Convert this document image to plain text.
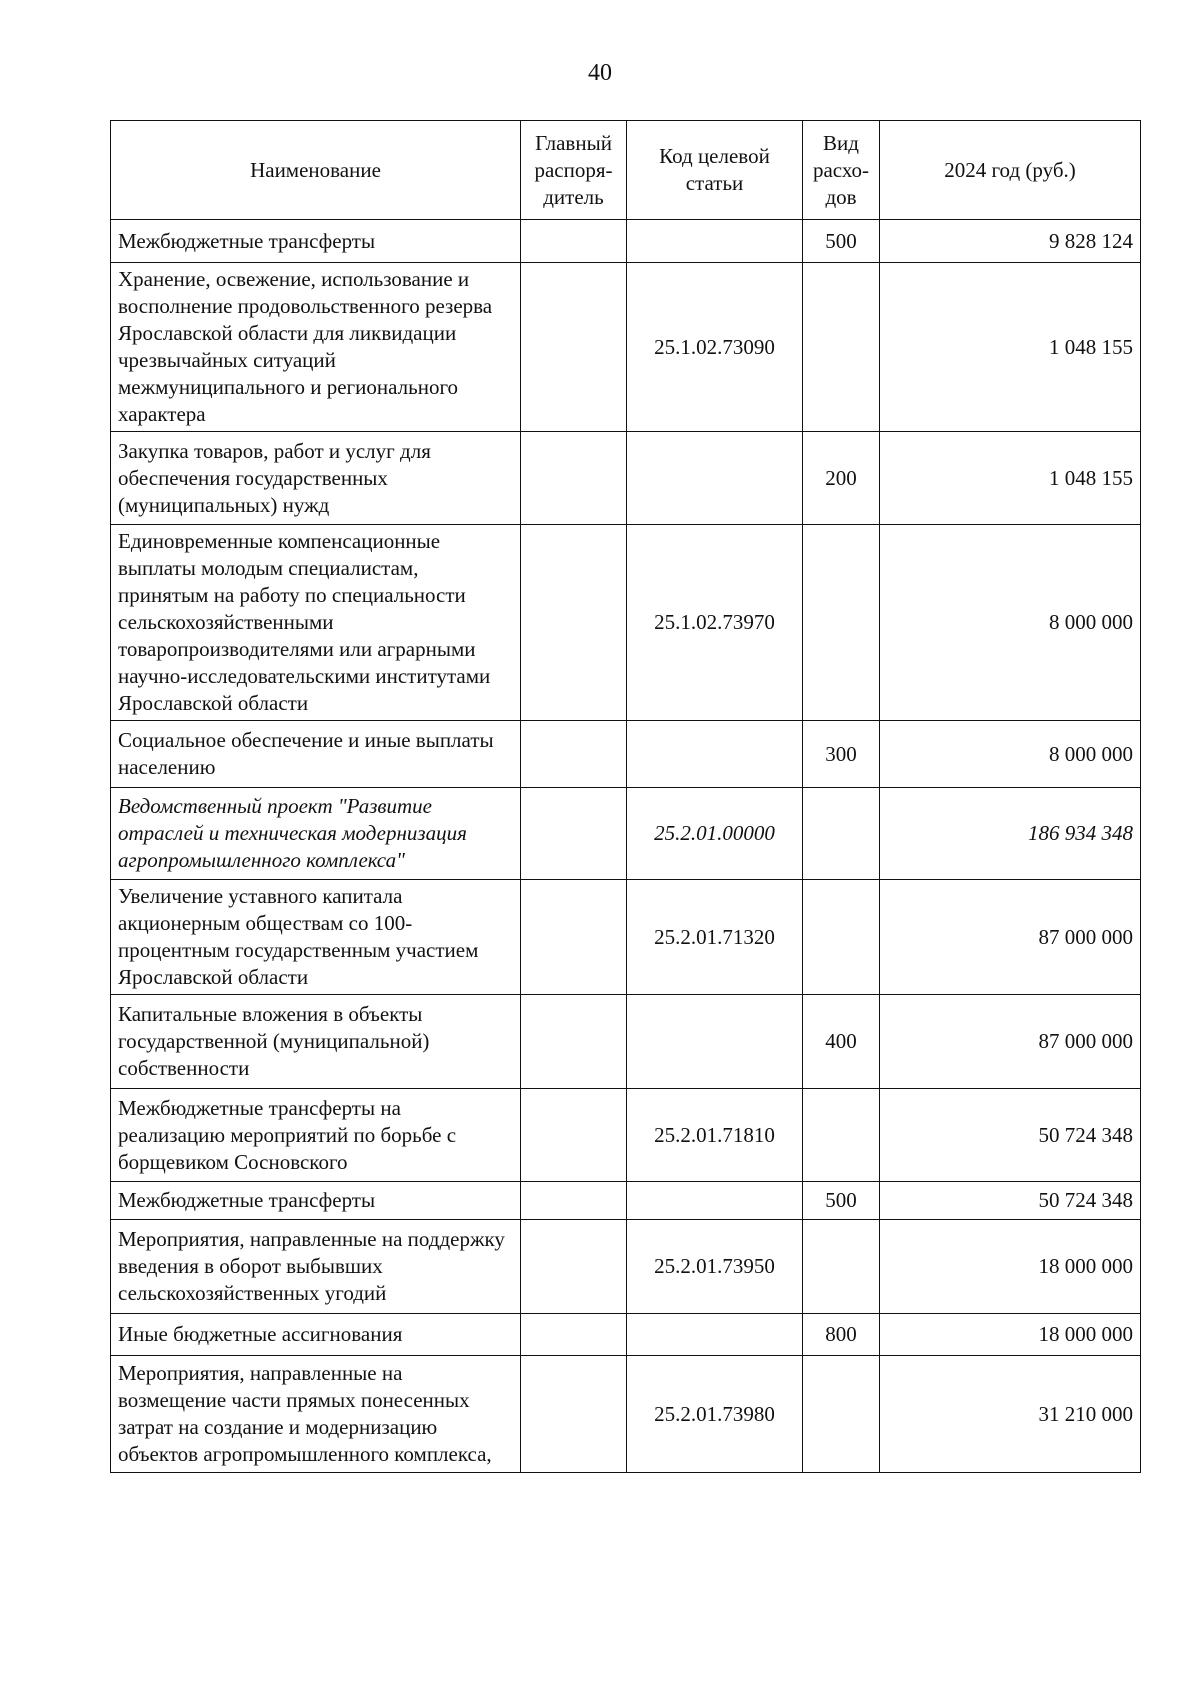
40
Наименование	Главный распоря-дитель	Код целевой статьи	Вид расхо-дов	2024 год (руб.)
Межбюджетные трансферты			500	9 828 124
Хранение, освежение, использование и восполнение продовольственного резерва Ярославской области для ликвидации чрезвычайных ситуаций межмуниципального и регионального характера		25.1.02.73090		1 048 155
Закупка товаров, работ и услуг для обеспечения государственных (муниципальных) нужд			200	1 048 155
Единовременные компенсационные выплаты молодым специалистам, принятым на работу по специальности сельскохозяйственными товаропроизводителями или аграрными научно-исследовательскими институтами Ярославской области		25.1.02.73970		8 000 000
Социальное обеспечение и иные выплаты населению			300	8 000 000
Ведомственный проект "Развитие отраслей и техническая модернизация агропромышленного комплекса"		25.2.01.00000		186 934 348
Увеличение уставного капитала акционерным обществам со 100-процентным государственным участием Ярославской области		25.2.01.71320		87 000 000
Капитальные вложения в объекты государственной (муниципальной) собственности			400	87 000 000
Межбюджетные трансферты на реализацию мероприятий по борьбе с борщевиком Сосновского		25.2.01.71810		50 724 348
Межбюджетные трансферты			500	50 724 348
Мероприятия, направленные на поддержку введения в оборот выбывших сельскохозяйственных угодий		25.2.01.73950		18 000 000
Иные бюджетные ассигнования			800	18 000 000
Мероприятия, направленные на возмещение части прямых понесенных затрат на создание и модернизацию объектов агропромышленного комплекса,		25.2.01.73980		31 210 000
